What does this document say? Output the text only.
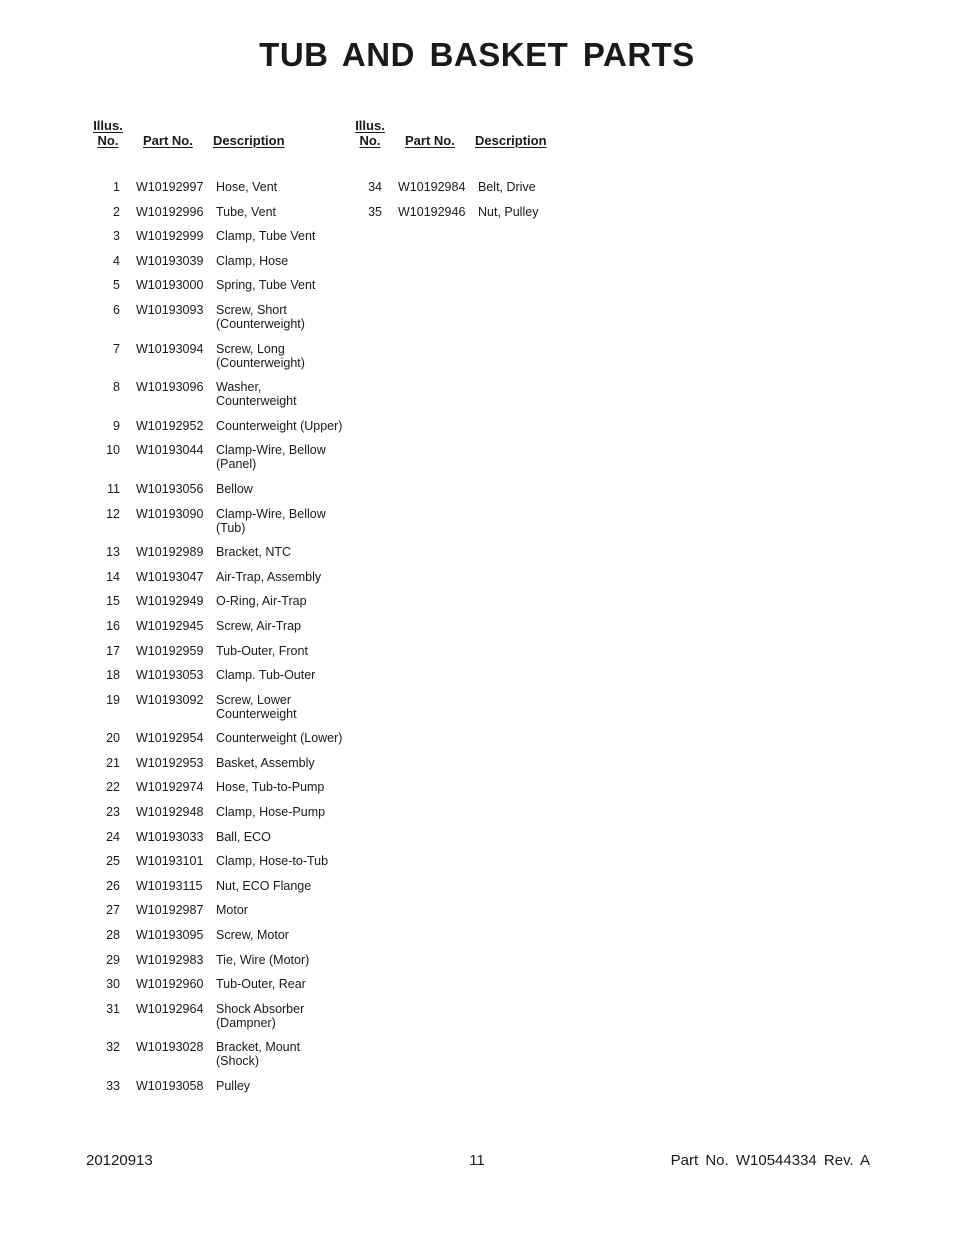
TUB AND BASKET PARTS
Illus.
No.	Part No. Description
1	W10192997	Hose, Vent
2	W10192996	Tube, Vent
3	W10192999	Clamp, Tube Vent
4	W10193039	Clamp, Hose
5	W10193000	Spring, Tube Vent
6	W10193093	Screw, Short
(Counterweight)
7	W10193094	Screw, Long
(Counterweight)
8	W10193096	Washer,
Counterweight
9	W10192952	Counterweight (Upper)
10	W10193044	Clamp-Wire, Bellow
(Panel)
11	W10193056	Bellow
12	W10193090	Clamp-Wire, Bellow
(Tub)
13	W10192989	Bracket, NTC
14	W10193047	Air-Trap, Assembly
15	W10192949	O-Ring, Air-Trap
16	W10192945	Screw, Air-Trap
17	W10192959	Tub-Outer, Front
18	W10193053	Clamp. Tub-Outer
19	W10193092	Screw, Lower
Counterweight
20	W10192954	Counterweight (Lower)
21	W10192953	Basket, Assembly
22	W10192974	Hose, Tub-to-Pump
23	W10192948	Clamp, Hose-Pump
24	W10193033	Ball, ECO
25	W10193101	Clamp, Hose-to-Tub
26	W10193115	Nut, ECO Flange
27	W10192987	Motor
28	W10193095	Screw, Motor
29	W10192983	Tie, Wire (Motor)
30	W10192960	Tub-Outer, Rear
31	W10192964	Shock Absorber
(Dampner)
32	W10193028	Bracket, Mount
(Shock)
33	W10193058	Pulley
Illus.
No.	Part No. Description
34	W10192984	Belt, Drive
35	W10192946	Nut, Pulley
20120913	11	Part No. W10544334 Rev. A
